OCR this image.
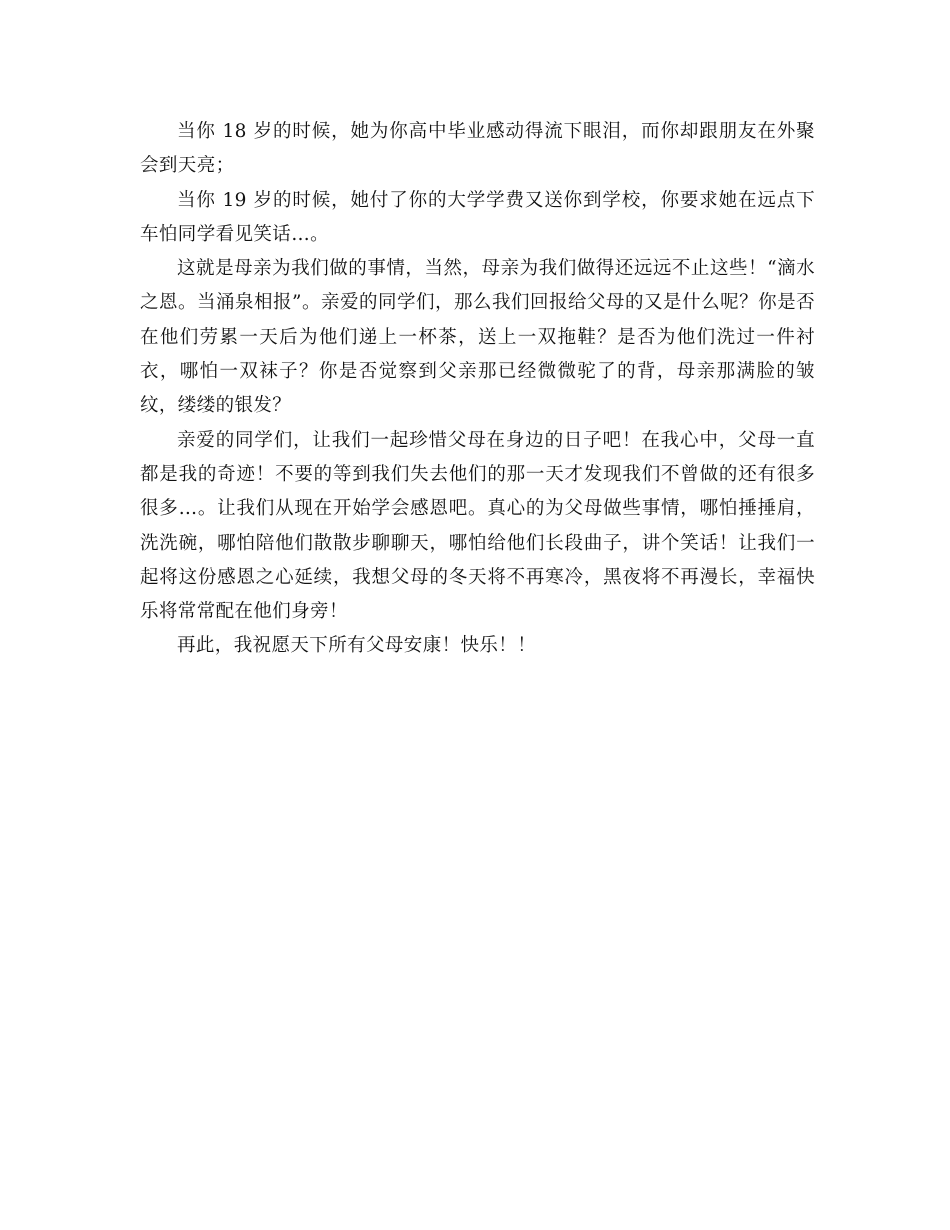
当你 18 岁的时候，她为你高中毕业感动得流下眼泪，而你却跟朋友在外聚会到天亮；

当你 19 岁的时候，她付了你的大学学费又送你到学校，你要求她在远点下车怕同学看见笑话…。

这就是母亲为我们做的事情，当然，母亲为我们做得还远远不止这些！“滴水之恩。当涌泉相报”。亲爱的同学们，那么我们回报给父母的又是什么呢？你是否在他们劳累一天后为他们递上一杯茶，送上一双拖鞋？是否为他们洗过一件衬衣，哪怕一双袜子？你是否觉察到父亲那已经微微驼了的背，母亲那满脸的皱纹，缕缕的银发？

亲爱的同学们，让我们一起珍惜父母在身边的日子吧！在我心中，父母一直都是我的奇迹！不要的等到我们失去他们的那一天才发现我们不曾做的还有很多很多…。让我们从现在开始学会感恩吧。真心的为父母做些事情，哪怕捶捶肩，洗洗碗，哪怕陪他们散散步聊聊天，哪怕给他们长段曲子，讲个笑话！让我们一起将这份感恩之心延续，我想父母的冬天将不再寒冷，黑夜将不再漫长，幸福快乐将常常配在他们身旁！

再此，我祝愿天下所有父母安康！快乐！！
